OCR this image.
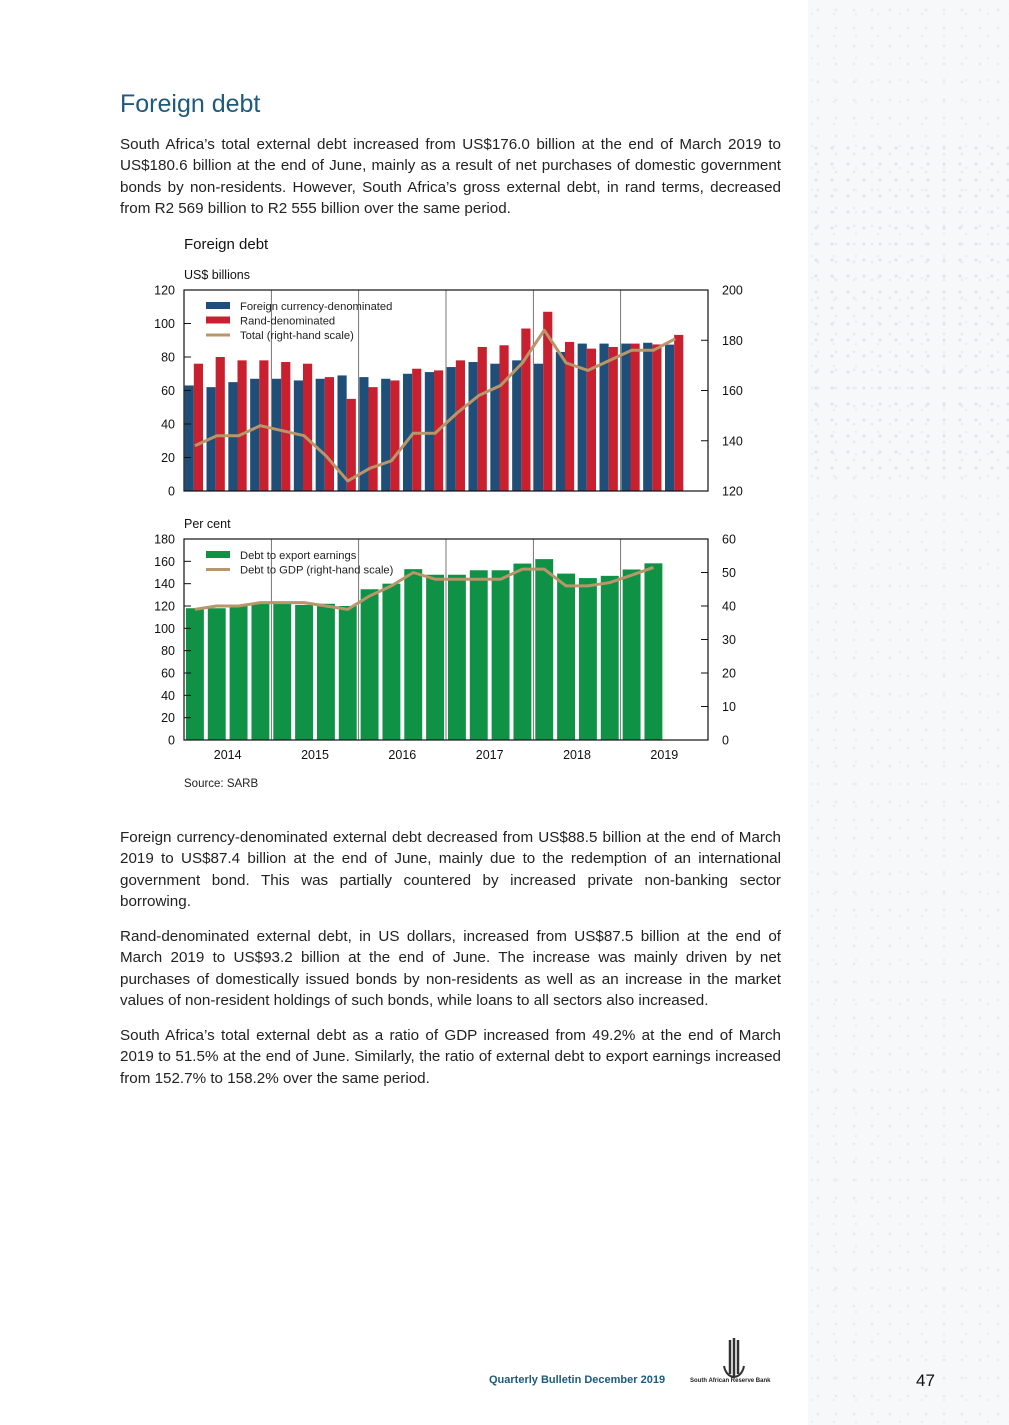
Foreign debt

South Africa’s total external debt increased from US$176.0 billion at the end of March 2019 to US$180.6 billion at the end of June, mainly as a result of net purchases of domestic government bonds by non-residents. However, South Africa’s gross external debt, in rand terms, decreased from R2 569 billion to R2 555 billion over the same period.

Foreign debt
US$ billions
Per cent
0
20
40
60
80
100
120
120
140
160
180
200
Foreign currency-denominated
Rand-denominated
Total (right-hand scale)
0
20
40
60
80
100
120
140
160
180
0
10
20
30
40
50
60
Debt to export earnings
Debt to GDP (right-hand scale)
2014	2015	2016	2017	2018	2019
Source: SARB

Foreign currency-denominated external debt decreased from US$88.5 billion at the end of March 2019 to US$87.4 billion at the end of June, mainly due to the redemption of an international government bond. This was partially countered by increased private non-banking sector borrowing.

Rand-denominated external debt, in US dollars, increased from US$87.5 billion at the end of March 2019 to US$93.2 billion at the end of June. The increase was mainly driven by net purchases of domestically issued bonds by non-residents as well as an increase in the market values of non-resident holdings of such bonds, while loans to all sectors also increased.

South Africa’s total external debt as a ratio of GDP increased from 49.2% at the end of March 2019 to 51.5% at the end of June. Similarly, the ratio of external debt to export earnings increased from 152.7% to 158.2% over the same period.

Quarterly Bulletin December 2019	South African Reserve Bank	47
